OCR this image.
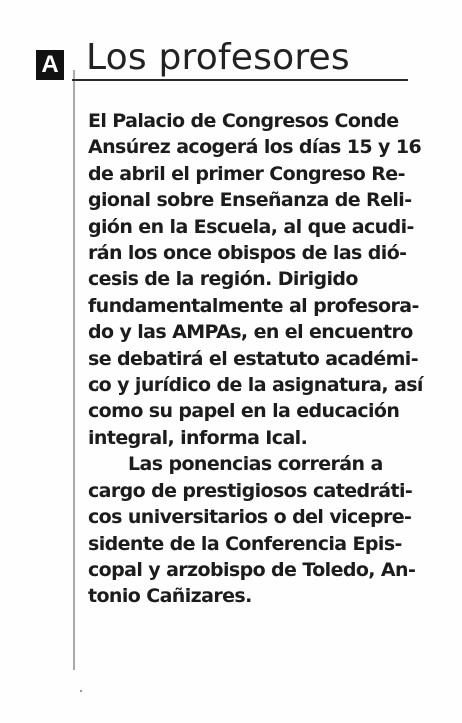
A Los profesores
El Palacio de Congresos Conde
Ansúrez acogerá los días 15 y 16
de abril el primer Congreso Re-
gional sobre Enseñanza de Reli-
gión en la Escuela, al que acudi-
rán los once obispos de las dió-
cesis de la región. Dirigido
fundamentalmente al profesora-
do y las AMPAs, en el encuentro
se debatirá el estatuto académi-
co y jurídico de la asignatura, así
como su papel en la educación
integral, informa Ical.
Las ponencias correrán a
cargo de prestigiosos catedráti-
cos universitarios o del vicepre-
sidente de la Conferencia Epis-
copal y arzobispo de Toledo, An-
tonio Cañizares.
